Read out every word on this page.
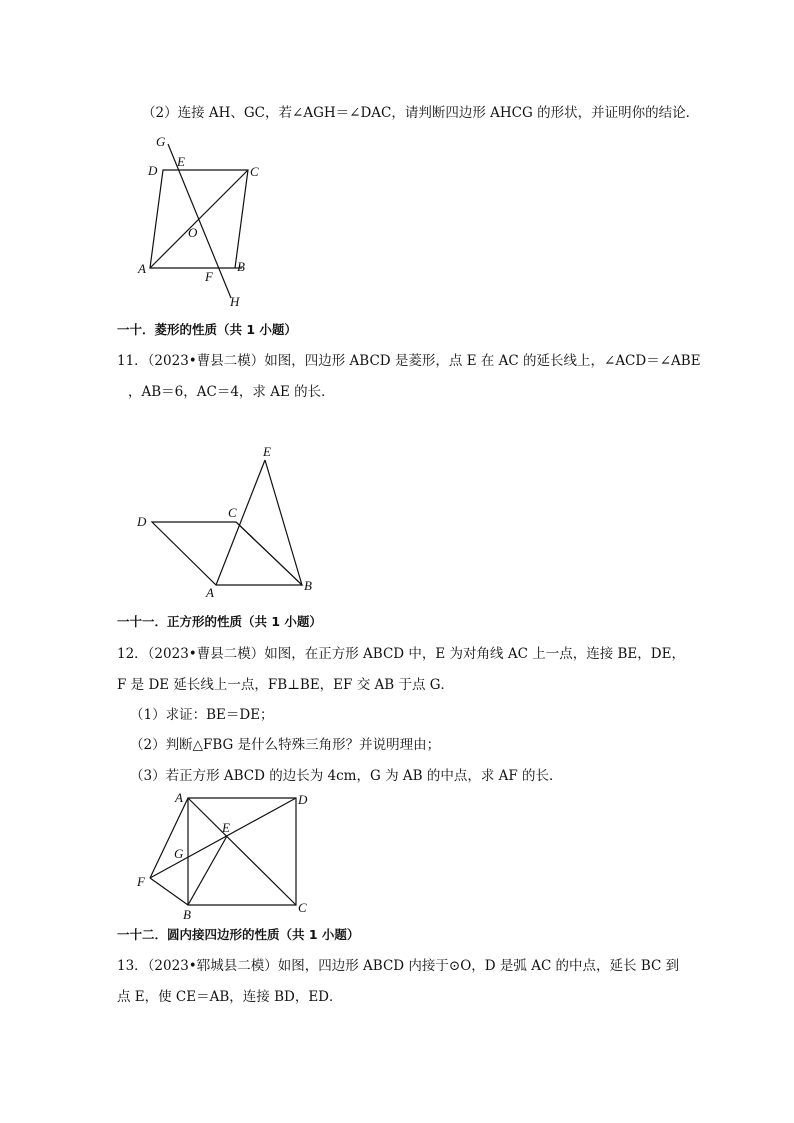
（2）连接 AH、GC，若∠AGH＝∠DAC，请判断四边形 AHCG 的形状，并证明你的结论．
G
D
E
C
O
A
F
B
H
一十．菱形的性质（共 1 小题）
11．（2023•曹县二模）如图，四边形 ABCD 是菱形，点 E 在 AC 的延长线上，∠ACD＝∠ABE
，AB＝6，AC＝4，求 AE 的长．
E
D
C
A	B
一十一．正方形的性质（共 1 小题）
12．（2023•曹县二模）如图，在正方形 ABCD 中，E 为对角线 AC 上一点，连接 BE，DE，
F 是 DE 延长线上一点，FB⊥BE，EF 交 AB 于点 G．
（1）求证：BE＝DE；
（2）判断△FBG 是什么特殊三角形？并说明理由；
（3）若正方形 ABCD 的边长为 4cm，G 为 AB 的中点，求 AF 的长．
A	D
E
G
F
B	C
一十二．圆内接四边形的性质（共 1 小题）
13．（2023•郓城县二模）如图，四边形 ABCD 内接于⊙O，D 是弧 AC 的中点，延长 BC 到
点 E，使 CE＝AB，连接 BD，ED．
